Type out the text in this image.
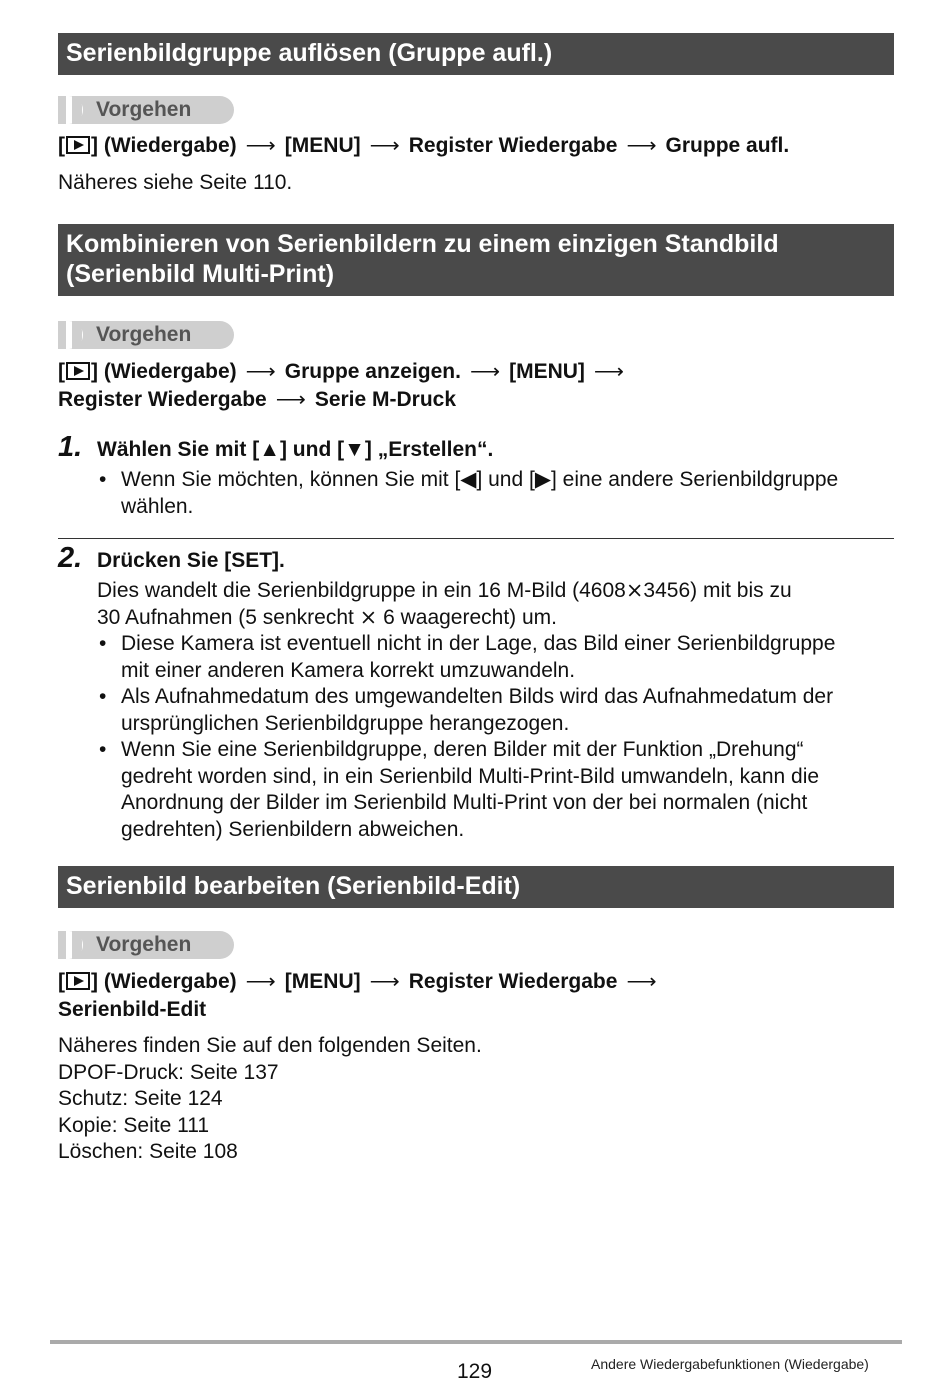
Serienbildgruppe auflösen (Gruppe aufl.)
Vorgehen
[ ] (Wiedergabe) ⟶ [MENU] ⟶ Register Wiedergabe ⟶ Gruppe aufl.
Näheres siehe Seite 110.
Kombinieren von Serienbildern zu einem einzigen Standbild
(Serienbild Multi-Print)
Vorgehen
[ ] (Wiedergabe) ⟶ Gruppe anzeigen. ⟶ [MENU] ⟶
Register Wiedergabe ⟶ Serie M-Druck
1. Wählen Sie mit [▲] und [▼] „Erstellen“.
• Wenn Sie möchten, können Sie mit [◀] und [▶] eine andere Serienbildgruppe
wählen.
2. Drücken Sie [SET].
Dies wandelt die Serienbildgruppe in ein 16 M-Bild (4608⨯3456) mit bis zu
30 Aufnahmen (5 senkrecht ⨯ 6 waagerecht) um.
• Diese Kamera ist eventuell nicht in der Lage, das Bild einer Serienbildgruppe
mit einer anderen Kamera korrekt umzuwandeln.
• Als Aufnahmedatum des umgewandelten Bilds wird das Aufnahmedatum der
ursprünglichen Serienbildgruppe herangezogen.
• Wenn Sie eine Serienbildgruppe, deren Bilder mit der Funktion „Drehung“
gedreht worden sind, in ein Serienbild Multi-Print-Bild umwandeln, kann die
Anordnung der Bilder im Serienbild Multi-Print von der bei normalen (nicht
gedrehten) Serienbildern abweichen.
Serienbild bearbeiten (Serienbild-Edit)
Vorgehen
[ ] (Wiedergabe) ⟶ [MENU] ⟶ Register Wiedergabe ⟶
Serienbild-Edit
Näheres finden Sie auf den folgenden Seiten.
DPOF-Druck: Seite 137
Schutz: Seite 124
Kopie: Seite 111
Löschen: Seite 108
129	Andere Wiedergabefunktionen (Wiedergabe)
